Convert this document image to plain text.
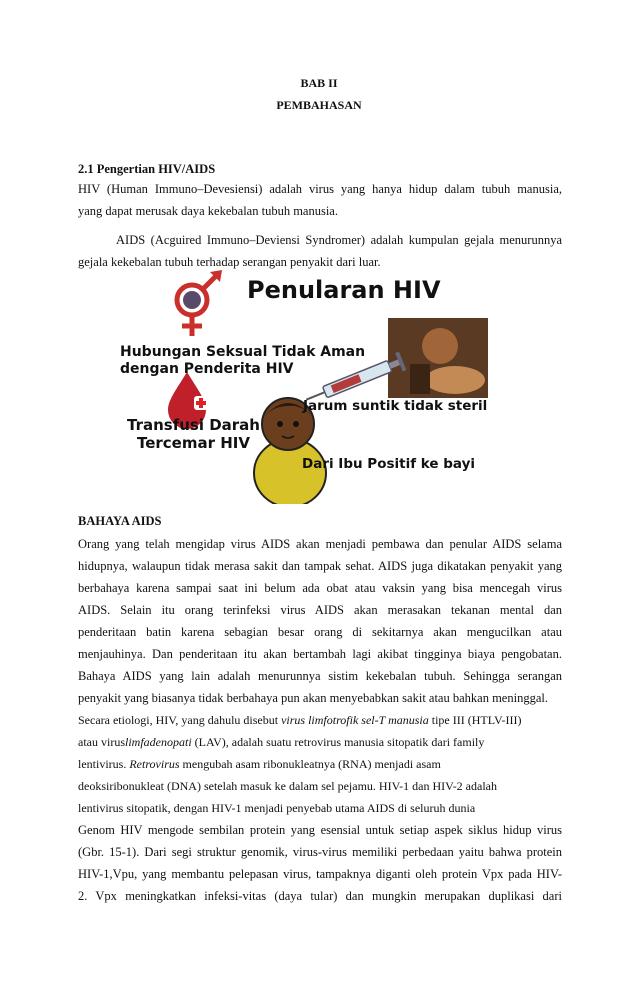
BAB II
PEMBAHASAN
2.1 Pengertian HIV/AIDS
HIV (Human Immuno–Devesiensi) adalah virus yang hanya hidup dalam tubuh manusia,
yang dapat merusak daya kekebalan tubuh manusia.
AIDS (Acguired Immuno–Deviensi Syndromer) adalah kumpulan gejala menurunnya
gejala kekebalan tubuh terhadap serangan penyakit dari luar.
Penularan HIV
Hubungan Seksual Tidak Aman
dengan Penderita HIV
Jarum suntik tidak steril
Transfusi Darah
Tercemar HIV
Dari Ibu Positif ke bayi
BAHAYA AIDS
Orang yang telah mengidap virus AIDS akan menjadi pembawa dan penular AIDS selama
hidupnya, walaupun tidak merasa sakit dan tampak sehat. AIDS juga dikatakan penyakit yang
berbahaya karena sampai saat ini belum ada obat atau vaksin yang bisa mencegah virus
AIDS. Selain itu orang terinfeksi virus AIDS akan merasakan tekanan mental dan
penderitaan batin karena sebagian besar orang di sekitarnya akan mengucilkan atau
menjauhinya. Dan penderitaan itu akan bertambah lagi akibat tingginya biaya pengobatan.
Bahaya AIDS yang lain adalah menurunnya sistim kekebalan tubuh. Sehingga serangan
penyakit yang biasanya tidak berbahaya pun akan menyebabkan sakit atau bahkan meninggal.
Secara etiologi, HIV, yang dahulu disebut virus limfotrofik sel-T manusia tipe III (HTLV-III)
atau viruslimfadenopati (LAV), adalah suatu retrovirus manusia sitopatik dari family
lentivirus. Retrovirus mengubah asam ribonukleatnya (RNA) menjadi asam
deoksiribonukleat (DNA) setelah masuk ke dalam sel pejamu. HIV-1 dan HIV-2 adalah
lentivirus sitopatik, dengan HIV-1 menjadi penyebab utama AIDS di seluruh dunia
Genom HIV mengode sembilan protein yang esensial untuk setiap aspek siklus hidup virus
(Gbr. 15-1). Dari segi struktur genomik, virus-virus memiliki perbedaan yaitu bahwa protein
HIV-1,Vpu, yang membantu pelepasan virus, tampaknya diganti oleh protein Vpx pada HIV-
2. Vpx meningkatkan infeksi-vitas (daya tular) dan mungkin merupakan duplikasi dari
